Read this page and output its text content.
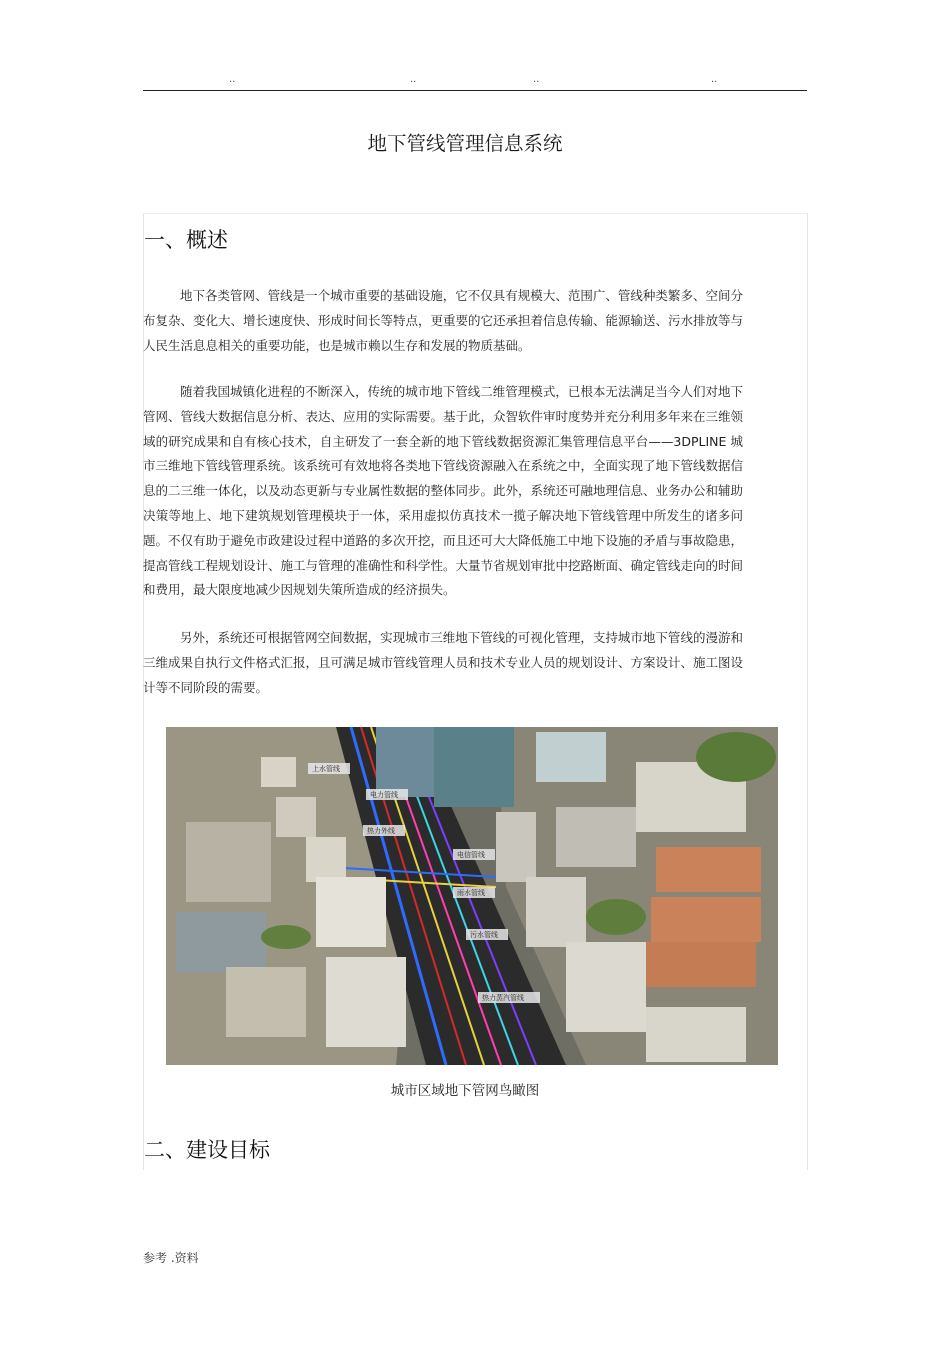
..	..	..	..
地下管线管理信息系统
一、概述

地下各类管网、管线是一个城市重要的基础设施，它不仅具有规模大、范围广、管线种类繁多、空间分布复杂、变化大、增长速度快、形成时间长等特点，更重要的它还承担着信息传输、能源输送、污水排放等与人民生活息息相关的重要功能，也是城市赖以生存和发展的物质基础。

随着我国城镇化进程的不断深入，传统的城市地下管线二维管理模式，已根本无法满足当今人们对地下管网、管线大数据信息分析、表达、应用的实际需要。基于此，众智软件审时度势并充分利用多年来在三维领域的研究成果和自有核心技术，自主研发了一套全新的地下管线数据资源汇集管理信息平台——3DPLINE 城市三维地下管线管理系统。该系统可有效地将各类地下管线资源融入在系统之中，全面实现了地下管线数据信息的二三维一体化，以及动态更新与专业属性数据的整体同步。此外，系统还可融地理信息、业务办公和辅助决策等地上、地下建筑规划管理模块于一体，采用虚拟仿真技术一揽子解决地下管线管理中所发生的诸多问题。不仅有助于避免市政建设过程中道路的多次开挖，而且还可大大降低施工中地下设施的矛盾与事故隐患，提高管线工程规划设计、施工与管理的准确性和科学性。大量节省规划审批中挖路断面、确定管线走向的时间和费用，最大限度地减少因规划失策所造成的经济损失。

另外，系统还可根据管网空间数据，实现城市三维地下管线的可视化管理，支持城市地下管线的漫游和三维成果自执行文件格式汇报，且可满足城市管线管理人员和技术专业人员的规划设计、方案设计、施工图设计等不同阶段的需要。

上水管线
电力管线
热力外线
电信管线
雨水管线
污水管线
热力蒸汽管线
城市区域地下管网鸟瞰图
二、建设目标
参考 .资料
